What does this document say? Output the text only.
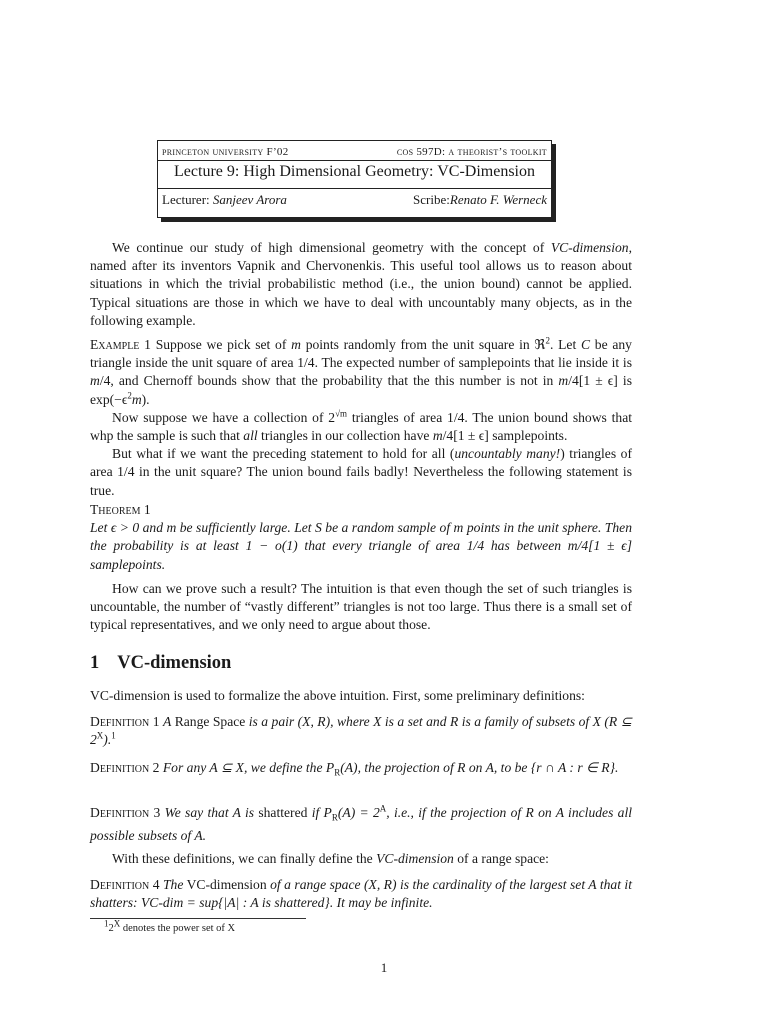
princeton university F’02	cos 597D: a theorist’s toolkit
Lecture 9: High Dimensional Geometry: VC-Dimension
Lecturer: Sanjeev Arora	Scribe:Renato F. Werneck

We continue our study of high dimensional geometry with the concept of VC-dimension, named after its inventors Vapnik and Chervonenkis. This useful tool allows us to reason about situations in which the trivial probabilistic method (i.e., the union bound) cannot be applied. Typical situations are those in which we have to deal with uncountably many objects, as in the following example.

Example 1 Suppose we pick set of m points randomly from the unit square in ℜ$^2$. Let C be any triangle inside the unit square of area 1/4. The expected number of samplepoints that lie inside it is m/4, and Chernoff bounds show that the probability that the this number is not in m/4[1 ± ϵ] is $\exp(-\epsilon^2m)$.

Now suppose we have a collection of $2^{√m}$ triangles of area 1/4. The union bound shows that whp the sample is such that all triangles in our collection have m/4[1 ± ϵ] samplepoints.

But what if we want the preceding statement to hold for all (uncountably many!) triangles of area 1/4 in the unit square? The union bound fails badly! Nevertheless the following statement is true.

Theorem 1

Let ϵ > 0 and m be sufficiently large. Let S be a random sample of m points in the unit sphere. Then the probability is at least 1 − o(1) that every triangle of area 1/4 has between m/4[1 ± ϵ] samplepoints.

How can we prove such a result? The intuition is that even though the set of such triangles is uncountable, the number of “vastly different” triangles is not too large. Thus there is a small set of typical representatives, and we only need to argue about those.

1 VC-dimension

VC-dimension is used to formalize the above intuition. First, some preliminary definitions:

Definition 1 A Range Space is a pair (X, R), where X is a set and R is a family of subsets of X (R ⊆ $2^X).^1$

Definition 2 For any A ⊆ X, we define the $P_R(A)$, the projection of R on A, to be {r ∩ A : r ∈ R}.

Definition 3 We say that A is shattered if $P_R(A) = 2^A$, i.e., if the projection of R on A includes all possible subsets of A.

With these definitions, we can finally define the VC-dimension of a range space:

Definition 4 The VC-dimension of a range space (X, R) is the cardinality of the largest set A that it shatters: VC-dim = sup{|A| : A is shattered}. It may be infinite.

$^12^X$ denotes the power set of X
1
